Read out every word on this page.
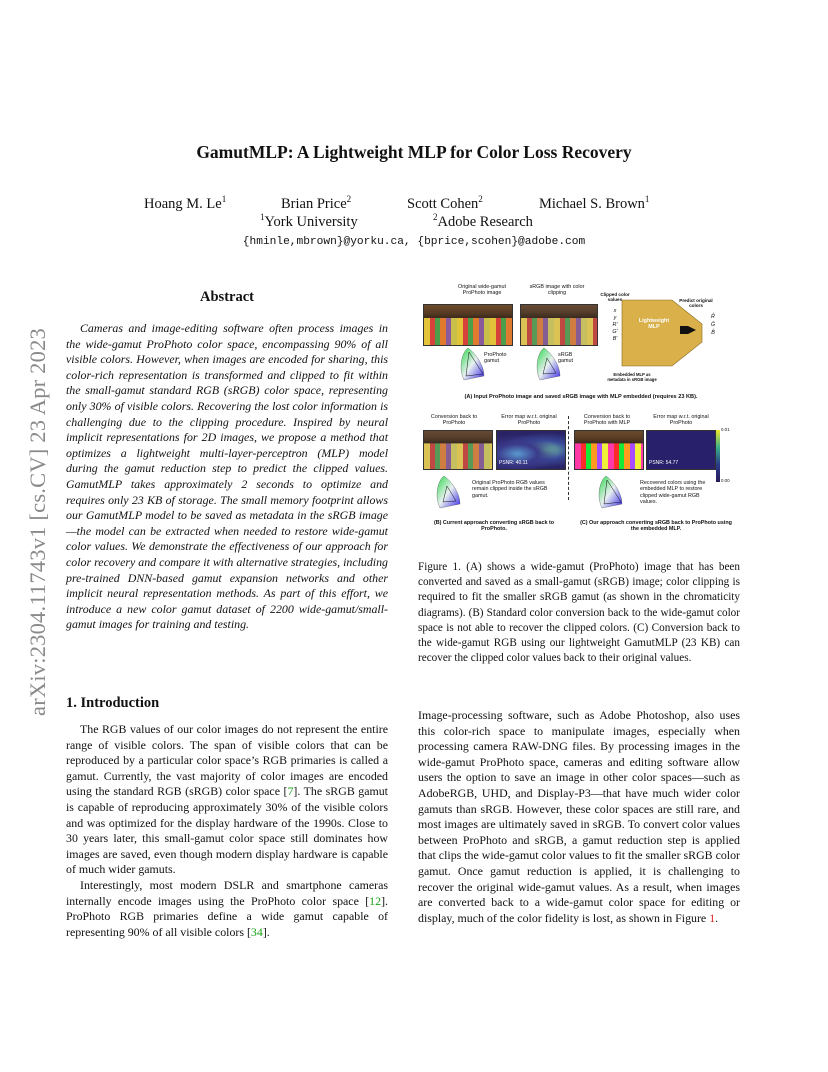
arXiv:2304.11743v1 [cs.CV] 23 Apr 2023
GamutMLP: A Lightweight MLP for Color Loss Recovery
Hoang M. Le$^1$	Brian Price$^2$	Scott Cohen$^2$	Michael S. Brown$^1$
$^1$York University	$^2$Adobe Research
{hminle,mbrown}@yorku.ca, {bprice,scohen}@adobe.com
Abstract
Cameras and image-editing software often process images in the wide-gamut ProPhoto color space, encompassing 90% of all visible colors. However, when images are encoded for sharing, this color-rich representation is transformed and clipped to fit within the small-gamut standard RGB (sRGB) color space, representing only 30% of visible colors. Recovering the lost color information is challenging due to the clipping procedure. Inspired by neural implicit representations for 2D images, we propose a method that optimizes a lightweight multi-layer-perceptron (MLP) model during the gamut reduction step to predict the clipped values. GamutMLP takes approximately 2 seconds to optimize and requires only 23 KB of storage. The small memory footprint allows our GamutMLP model to be saved as metadata in the sRGB image—the model can be extracted when needed to restore wide-gamut color values. We demonstrate the effectiveness of our approach for color recovery and compare it with alternative strategies, including pre-trained DNN-based gamut expansion networks and other implicit neural representation methods. As part of this effort, we introduce a new color gamut dataset of 2200 wide-gamut/small-gamut images for training and testing.
1. Introduction

The RGB values of our color images do not represent the entire range of visible colors. The span of visible colors that can be reproduced by a particular color space’s RGB primaries is called a gamut. Currently, the vast majority of color images are encoded using the standard RGB (sRGB) color space [7]. The sRGB gamut is capable of reproducing approximately 30% of the visible colors and was optimized for the display hardware of the 1990s. Close to 30 years later, this small-gamut color space still dominates how images are saved, even though modern display hardware is capable of much wider gamuts.

Interestingly, most modern DSLR and smartphone cameras internally encode images using the ProPhoto color space [12]. ProPhoto RGB primaries define a wide gamut capable of representing 90% of all visible colors [34].

Original wide-gamut ProPhoto image
sRGB image with color clipping	Clipped color values	Predict original colors
Lightweight MLP
x
y
R'
G'
B'
R̂
Ĝ
B̂
Embedded MLP as metadata in sRGB image
ProPhoto gamut
sRGB gamut
(A) Input ProPhoto image and saved sRGB image with MLP embedded (requires 23 KB).
Conversion back to ProPhoto
Error map w.r.t. original ProPhoto
PSNR: 40.11
Original ProPhoto RGB values remain clipped inside the sRGB gamut.
(B) Current approach converting sRGB back to ProPhoto.
Conversion back to ProPhoto with MLP
Error map w.r.t. original ProPhoto
PSNR: 54.77
0.01
0.00
Recovered colors using the embedded MLP to restore clipped wide-gamut RGB values.
(C) Our approach converting sRGB back to ProPhoto using the embedded MLP.
Figure 1. (A) shows a wide-gamut (ProPhoto) image that has been converted and saved as a small-gamut (sRGB) image; color clipping is required to fit the smaller sRGB gamut (as shown in the chromaticity diagrams). (B) Standard color conversion back to the wide-gamut color space is not able to recover the clipped colors. (C) Conversion back to the wide-gamut RGB using our lightweight GamutMLP (23 KB) can recover the clipped color values back to their original values.

Image-processing software, such as Adobe Photoshop, also uses this color-rich space to manipulate images, especially when processing camera RAW-DNG files. By processing images in the wide-gamut ProPhoto space, cameras and editing software allow users the option to save an image in other color spaces—such as AdobeRGB, UHD, and Display-P3—that have much wider color gamuts than sRGB. However, these color spaces are still rare, and most images are ultimately saved in sRGB. To convert color values between ProPhoto and sRGB, a gamut reduction step is applied that clips the wide-gamut color values to fit the smaller sRGB color gamut. Once gamut reduction is applied, it is challenging to recover the original wide-gamut values. As a result, when images are converted back to a wide-gamut color space for editing or display, much of the color fidelity is lost, as shown in Figure 1.
